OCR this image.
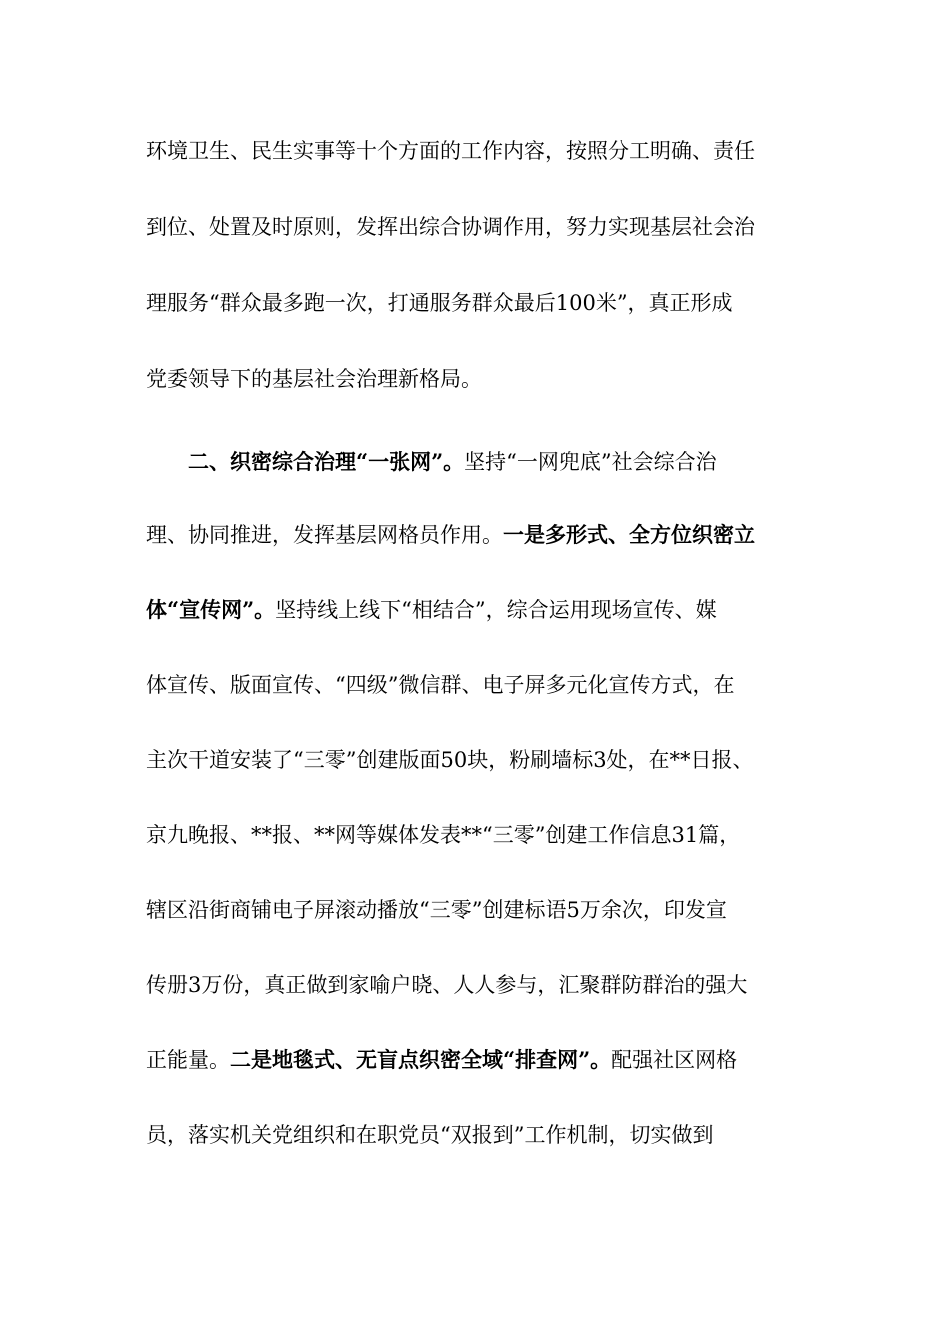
环境卫生、民生实事等十个方面的工作内容，按照分工明确、责任
到位、处置及时原则，发挥出综合协调作用，努力实现基层社会治
理服务“群众最多跑一次，打通服务群众最后100米”，真正形成
党委领导下的基层社会治理新格局。
二、织密综合治理“一张网”。坚持“一网兜底”社会综合治
理、协同推进，发挥基层网格员作用。一是多形式、全方位织密立
体“宣传网”。坚持线上线下“相结合”，综合运用现场宣传、媒
体宣传、版面宣传、“四级”微信群、电子屏多元化宣传方式，在
主次干道安装了“三零”创建版面50块，粉刷墙标3处，在**日报、
京九晚报、**报、**网等媒体发表**“三零”创建工作信息31篇，
辖区沿街商铺电子屏滚动播放“三零”创建标语5万余次，印发宣
传册3万份，真正做到家喻户晓、人人参与，汇聚群防群治的强大
正能量。二是地毯式、无盲点织密全域“排查网”。配强社区网格
员，落实机关党组织和在职党员“双报到”工作机制，切实做到
